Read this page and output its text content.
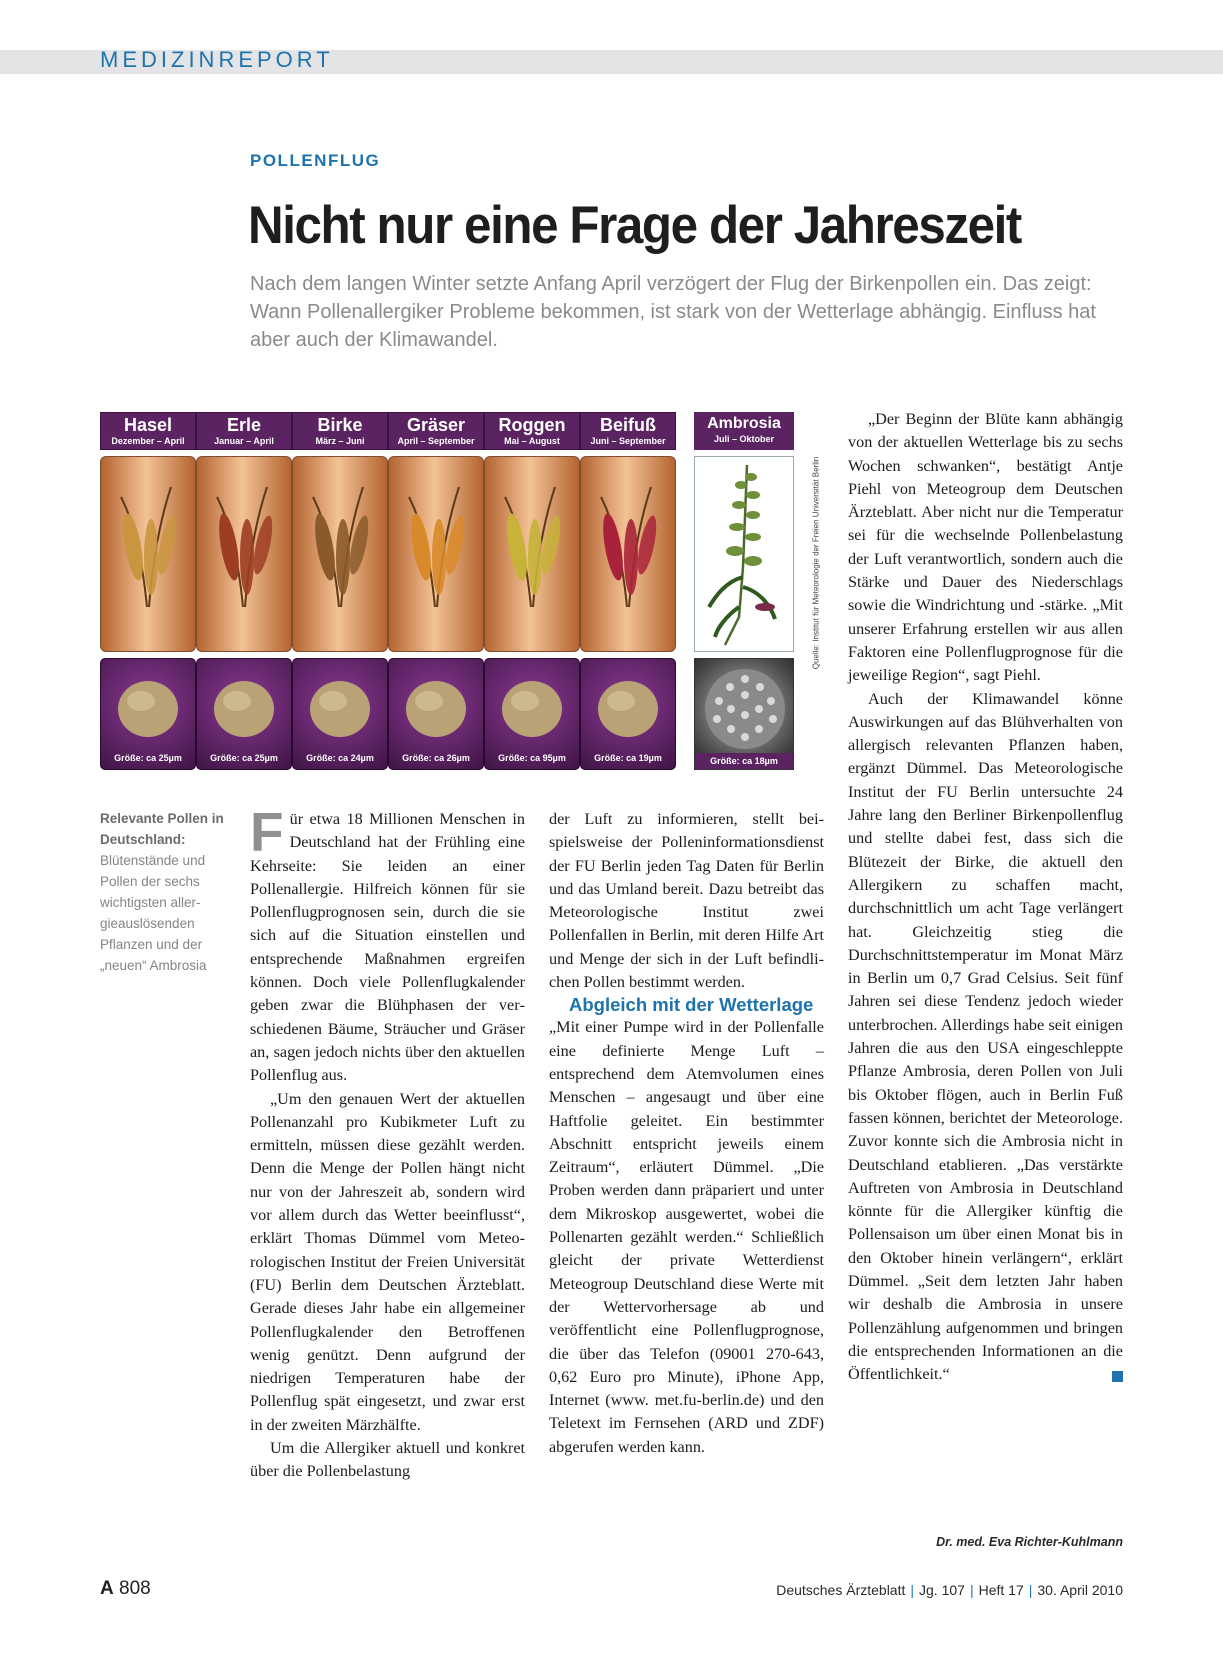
MEDIZINREPORT
POLLENFLUG
Nicht nur eine Frage der Jahreszeit
Nach dem langen Winter setzte Anfang April verzögert der Flug der Birkenpollen ein. Das zeigt: Wann Pollenallergiker Probleme bekommen, ist stark von der Wetterlage abhängig. Einfluss hat aber auch der Klimawandel.
Hasel
Dezember – April
Größe: ca 25µm
Erle
Januar – April
Größe: ca 25µm
Birke
März – Juni
Größe: ca 24µm
Gräser
April – September
Größe: ca 26µm
Roggen
Mai – August
Größe: ca 95µm
Beifuß
Juni – September
Größe: ca 19µm
Ambrosia
Juli – Oktober
Größe: ca 18µm
Quelle: Institut für Meteorologie der Freien Universität Berlin
Relevante Pollen in Deutschland: Blütenstände und Pollen der sechs wichtigsten allergieauslösenden Pflanzen und der „neuen“ Ambrosia

Für etwa 18 Millionen Menschen in Deutschland hat der Frühling eine Kehrseite: Sie leiden an einer Pollenallergie. Hilfreich können für sie Pollenflugprognosen sein, durch die sie sich auf die Situation einstellen und entsprechende Maßnahmen ergreifen können. Doch viele Pollenflugkalender geben zwar die Blühphasen der verschiedenen Bäume, Sträucher und Gräser an, sagen jedoch nichts über den aktuellen Pollenflug aus.

„Um den genauen Wert der aktuellen Pollenanzahl pro Kubikmeter Luft zu ermitteln, müssen diese gezählt werden. Denn die Menge der Pollen hängt nicht nur von der Jahreszeit ab, sondern wird vor allem durch das Wetter beeinflusst“, erklärt Thomas Dümmel vom Meteorologischen Institut der Freien Universität (FU) Berlin dem Deutschen Ärzteblatt. Gerade dieses Jahr habe ein allgemeiner Pollenflugkalender den Betroffenen wenig genützt. Denn aufgrund der niedrigen Temperaturen habe der Pollenflug spät eingesetzt, und zwar erst in der zweiten Märzhälfte.

Um die Allergiker aktuell und konkret über die Pollenbelastung

der Luft zu informieren, stellt beispielsweise der Polleninformationsdienst der FU Berlin jeden Tag Daten für Berlin und das Umland bereit. Dazu betreibt das Meteorologische Institut zwei Pollenfallen in Berlin, mit deren Hilfe Art und Menge der sich in der Luft befindlichen Pollen bestimmt werden.

Abgleich mit der Wetterlage

„Mit einer Pumpe wird in der Pollenfalle eine definierte Menge Luft – entsprechend dem Atemvolumen eines Menschen – angesaugt und über eine Haftfolie geleitet. Ein bestimmter Abschnitt entspricht jeweils einem Zeitraum“, erläutert Dümmel. „Die Proben werden dann präpariert und unter dem Mikroskop ausgewertet, wobei die Pollenarten gezählt werden.“ Schließlich gleicht der private Wetterdienst Meteogroup Deutschland diese Werte mit der Wettervorhersage ab und veröffentlicht eine Pollenflugprognose, die über das Telefon (09001 270-643, 0,62 Euro pro Minute), iPhone App, Internet (www. met.fu-berlin.de) und den Teletext im Fernsehen (ARD und ZDF) abgerufen werden kann.

„Der Beginn der Blüte kann abhängig von der aktuellen Wetterlage bis zu sechs Wochen schwanken“, bestätigt Antje Piehl von Meteogroup dem Deutschen Ärzteblatt. Aber nicht nur die Temperatur sei für die wechselnde Pollenbelastung der Luft verantwortlich, sondern auch die Stärke und Dauer des Niederschlags sowie die Windrichtung und -stärke. „Mit unserer Erfahrung erstellen wir aus allen Faktoren eine Pollenflugprognose für die jeweilige Region“, sagt Piehl.

Auch der Klimawandel könne Auswirkungen auf das Blühverhalten von allergisch relevanten Pflanzen haben, ergänzt Dümmel. Das Meteorologische Institut der FU Berlin untersuchte 24 Jahre lang den Berliner Birkenpollenflug und stellte dabei fest, dass sich die Blütezeit der Birke, die aktuell den Allergikern zu schaffen macht, durchschnittlich um acht Tage verlängert hat. Gleichzeitig stieg die Durchschnittstemperatur im Monat März in Berlin um 0,7 Grad Celsius. Seit fünf Jahren sei diese Tendenz jedoch wieder unterbrochen. Allerdings habe seit einigen Jahren die aus den USA eingeschleppte Pflanze Ambrosia, deren Pollen von Juli bis Oktober flögen, auch in Berlin Fuß fassen können, berichtet der Meteorologe. Zuvor konnte sich die Ambrosia nicht in Deutschland etablieren. „Das verstärkte Auftreten von Ambrosia in Deutschland könnte für die Allergiker künftig die Pollensaison um über einen Monat bis in den Oktober hinein verlängern“, erklärt Dümmel. „Seit dem letzten Jahr haben wir deshalb die Ambrosia in unsere Pollenzählung aufgenommen und bringen die entsprechenden Informationen an die Öffentlichkeit.“

Dr. med. Eva Richter-Kuhlmann
A 808	Deutsches Ärzteblatt | Jg. 107 | Heft 17 | 30. April 2010
